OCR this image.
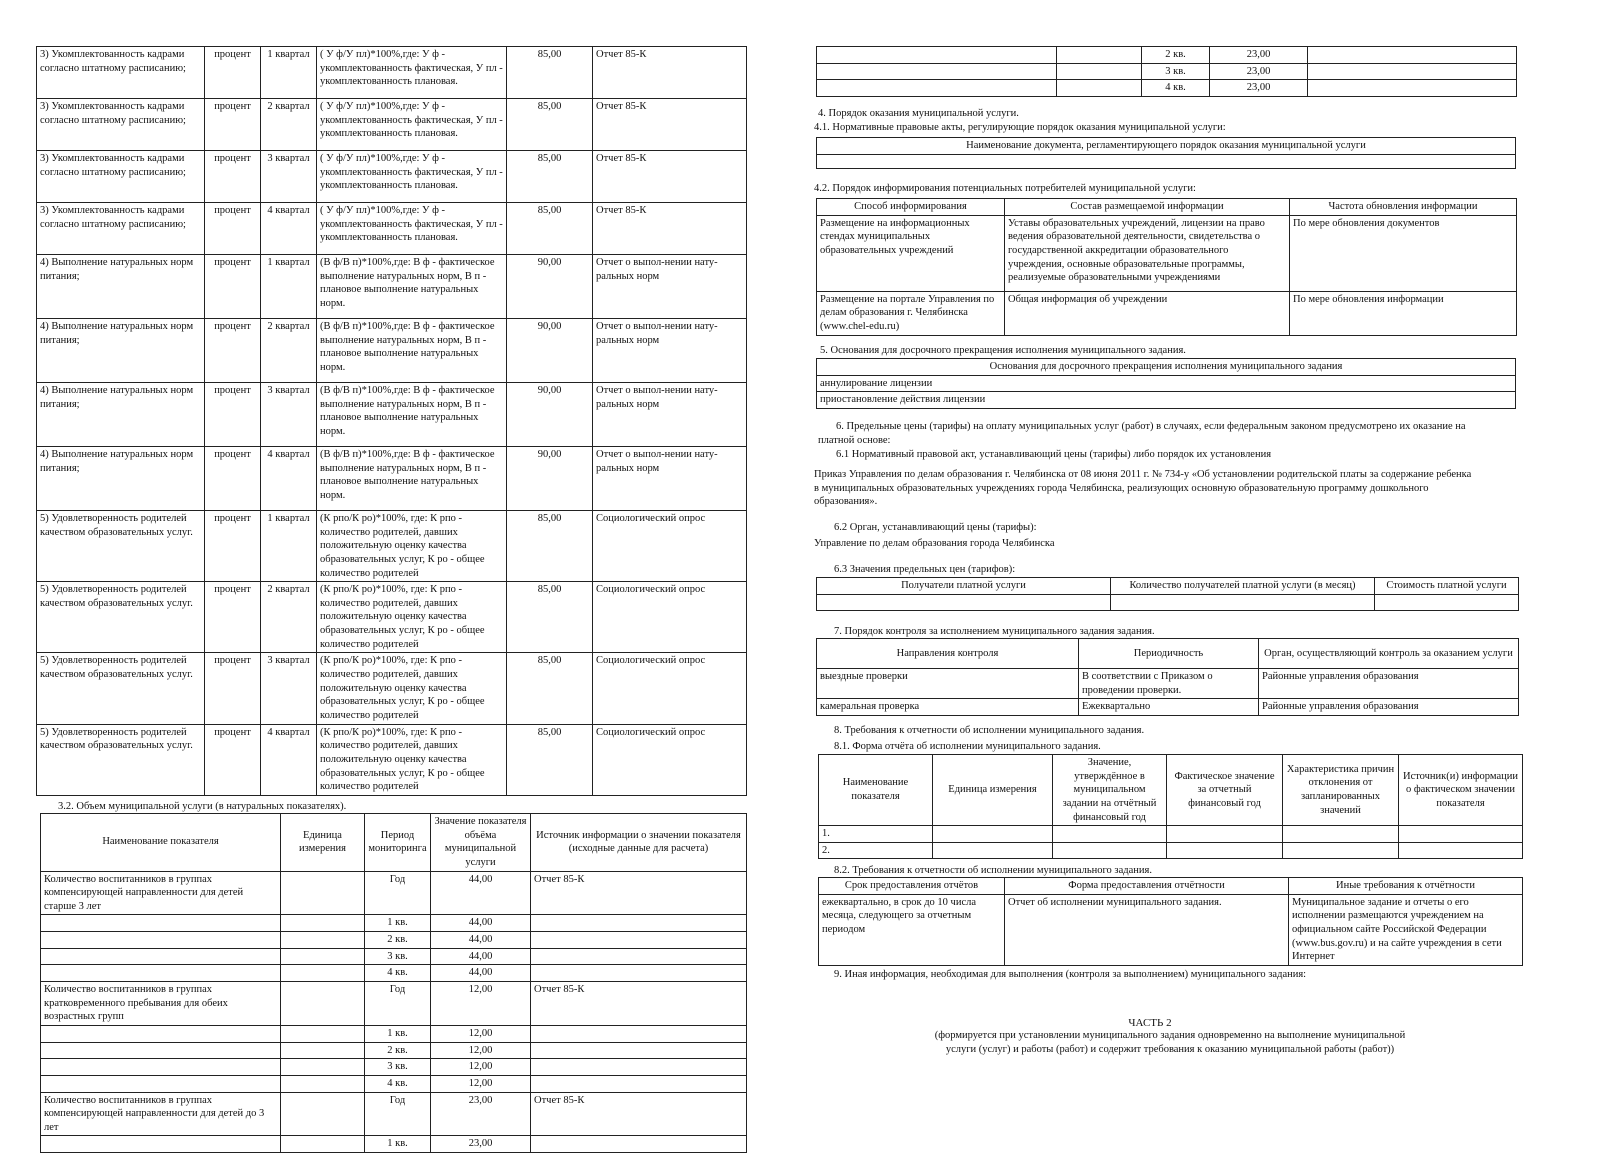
3) Укомплектованность кадрами согласно штатному расписанию;	процент	1 квартал	( У ф/У пл)*100%,где: У ф - укомплектованность фактическая, У пл - укомплектованность плановая.	85,00	Отчет 85-К
3) Укомплектованность кадрами согласно штатному расписанию;	процент	2 квартал	( У ф/У пл)*100%,где: У ф - укомплектованность фактическая, У пл - укомплектованность плановая.	85,00	Отчет 85-К
3) Укомплектованность кадрами согласно штатному расписанию;	процент	3 квартал	( У ф/У пл)*100%,где: У ф - укомплектованность фактическая, У пл - укомплектованность плановая.	85,00	Отчет 85-К
3) Укомплектованность кадрами согласно штатному расписанию;	процент	4 квартал	( У ф/У пл)*100%,где: У ф - укомплектованность фактическая, У пл - укомплектованность плановая.	85,00	Отчет 85-К
4) Выполнение натуральных норм питания;	процент	1 квартал	(В ф/В п)*100%,где: В ф - фактическое выполнение натуральных норм, В п - плановое выполнение натуральных норм.	90,00	Отчет о выпол-нении нату-ральных норм
4) Выполнение натуральных норм питания;	процент	2 квартал	(В ф/В п)*100%,где: В ф - фактическое выполнение натуральных норм, В п - плановое выполнение натуральных норм.	90,00	Отчет о выпол-нении нату-ральных норм
4) Выполнение натуральных норм питания;	процент	3 квартал	(В ф/В п)*100%,где: В ф - фактическое выполнение натуральных норм, В п - плановое выполнение натуральных норм.	90,00	Отчет о выпол-нении нату-ральных норм
4) Выполнение натуральных норм питания;	процент	4 квартал	(В ф/В п)*100%,где: В ф - фактическое выполнение натуральных норм, В п - плановое выполнение натуральных норм.	90,00	Отчет о выпол-нении нату-ральных норм
5) Удовлетворенность родителей качеством образовательных услуг.	процент	1 квартал	(К рпо/К ро)*100%, где: К рпо - количество родителей, давших положительную оценку качества образовательных услуг, К ро - общее количество родителей	85,00	Социологический опрос
5) Удовлетворенность родителей качеством образовательных услуг.	процент	2 квартал	(К рпо/К ро)*100%, где: К рпо - количество родителей, давших положительную оценку качества образовательных услуг, К ро - общее количество родителей	85,00	Социологический опрос
5) Удовлетворенность родителей качеством образовательных услуг.	процент	3 квартал	(К рпо/К ро)*100%, где: К рпо - количество родителей, давших положительную оценку качества образовательных услуг, К ро - общее количество родителей	85,00	Социологический опрос
5) Удовлетворенность родителей качеством образовательных услуг.	процент	4 квартал	(К рпо/К ро)*100%, где: К рпо - количество родителей, давших положительную оценку качества образовательных услуг, К ро - общее количество родителей	85,00	Социологический опрос
3.2. Объем муниципальной услуги (в натуральных показателях).
Наименование показателя	Единица измерения	Период мониторинга	Значение показателя объёма муниципальной услуги	Источник информации о значении показателя (исходные данные для расчета)
Количество воспитанников в группах компенсирующей направленности для детей старше 3 лет		Год	44,00	Отчет 85-К
		1 кв.	44,00	
		2 кв.	44,00	
		3 кв.	44,00	
		4 кв.	44,00	
Количество воспитанников в группах кратковременного пребывания для обеих возрастных групп		Год	12,00	Отчет 85-К
		1 кв.	12,00	
		2 кв.	12,00	
		3 кв.	12,00	
		4 кв.	12,00	
Количество воспитанников в группах компенсирующей направленности для детей до 3 лет		Год	23,00	Отчет 85-К
		1 кв.	23,00	
		2 кв.	23,00	
		3 кв.	23,00	
		4 кв.	23,00	
4. Порядок оказания муниципальной услуги.
4.1. Нормативные правовые акты, регулирующие порядок оказания муниципальной услуги:
Наименование документа, регламентирующего порядок оказания муниципальной услуги

4.2. Порядок информирования потенциальных потребителей муниципальной услуги:
Способ информирования	Состав размещаемой информации	Частота обновления информации
Размещение на информационных стендах муниципальных образовательных учреждений	Уставы образовательных учреждений, лицензии на право ведения образовательной деятельности, свидетельства о государственной аккредитации образовательного учреждения, основные образовательные программы, реализуемые образовательными учреждениями	По мере обновления документов
Размещение на портале Управления по делам образования г. Челябинска (www.chel-edu.ru)	Общая информация об учреждении	По мере обновления информации
5. Основания для досрочного прекращения исполнения муниципального задания.
Основания для досрочного прекращения исполнения муниципального задания
аннулирование лицензии
приостановление действия лицензии
6. Предельные цены (тарифы) на оплату муниципальных услуг (работ) в случаях, если федеральным законом предусмотрено их оказание на платной основе:
6.1 Нормативный правовой акт, устанавливающий цены (тарифы) либо порядок их установления
Приказ Управления по делам образования г. Челябинска от 08 июня 2011 г. № 734-у «Об установлении родительской платы за содержание ребенка в муниципальных образовательных учреждениях города Челябинска, реализующих основную образовательную программу дошкольного образования».
6.2 Орган, устанавливающий цены (тарифы):
Управление по делам образования города Челябинска
6.3 Значения предельных цен (тарифов):
Получатели платной услуги	Количество получателей платной услуги (в месяц)	Стоимость платной услуги

7. Порядок контроля за исполнением муниципального задания задания.
Направления контроля	Периодичность	Орган, осуществляющий контроль за оказанием услуги
выездные проверки	В соответствии с Приказом о проведении проверки.	Районные управления образования
камеральная проверка	Ежеквартально	Районные управления образования
8. Требования к отчетности об исполнении муниципального задания.
8.1. Форма отчёта об исполнении муниципального задания.
Наименование показателя	Единица измерения	Значение, утверждённое в муниципальном задании на отчётный финансовый год	Фактическое значение за отчетный финансовый год	Характеристика причин отклонения от запланированных значений	Источник(и) информации о фактическом значении показателя
1.					
2.					
8.2. Требования к отчетности об исполнении муниципального задания.
Срок предоставления отчётов	Форма предоставления отчётности	Иные требования к отчётности
ежеквартально, в срок до 10 числа месяца, следующего за отчетным периодом	Отчет об исполнении муниципального задания.	Муниципальное задание и отчеты о его исполнении размещаются учреждением на официальном сайте Российской Федерации (www.bus.gov.ru) и на сайте учреждения в сети Интернет
9. Иная информация, необходимая для выполнения (контроля за выполнением) муниципального задания:
ЧАСТЬ 2
(формируется при установлении муниципального задания одновременно на выполнение муниципальной услуги (услуг) и работы (работ) и содержит требования к оказанию муниципальной работы (работ))
